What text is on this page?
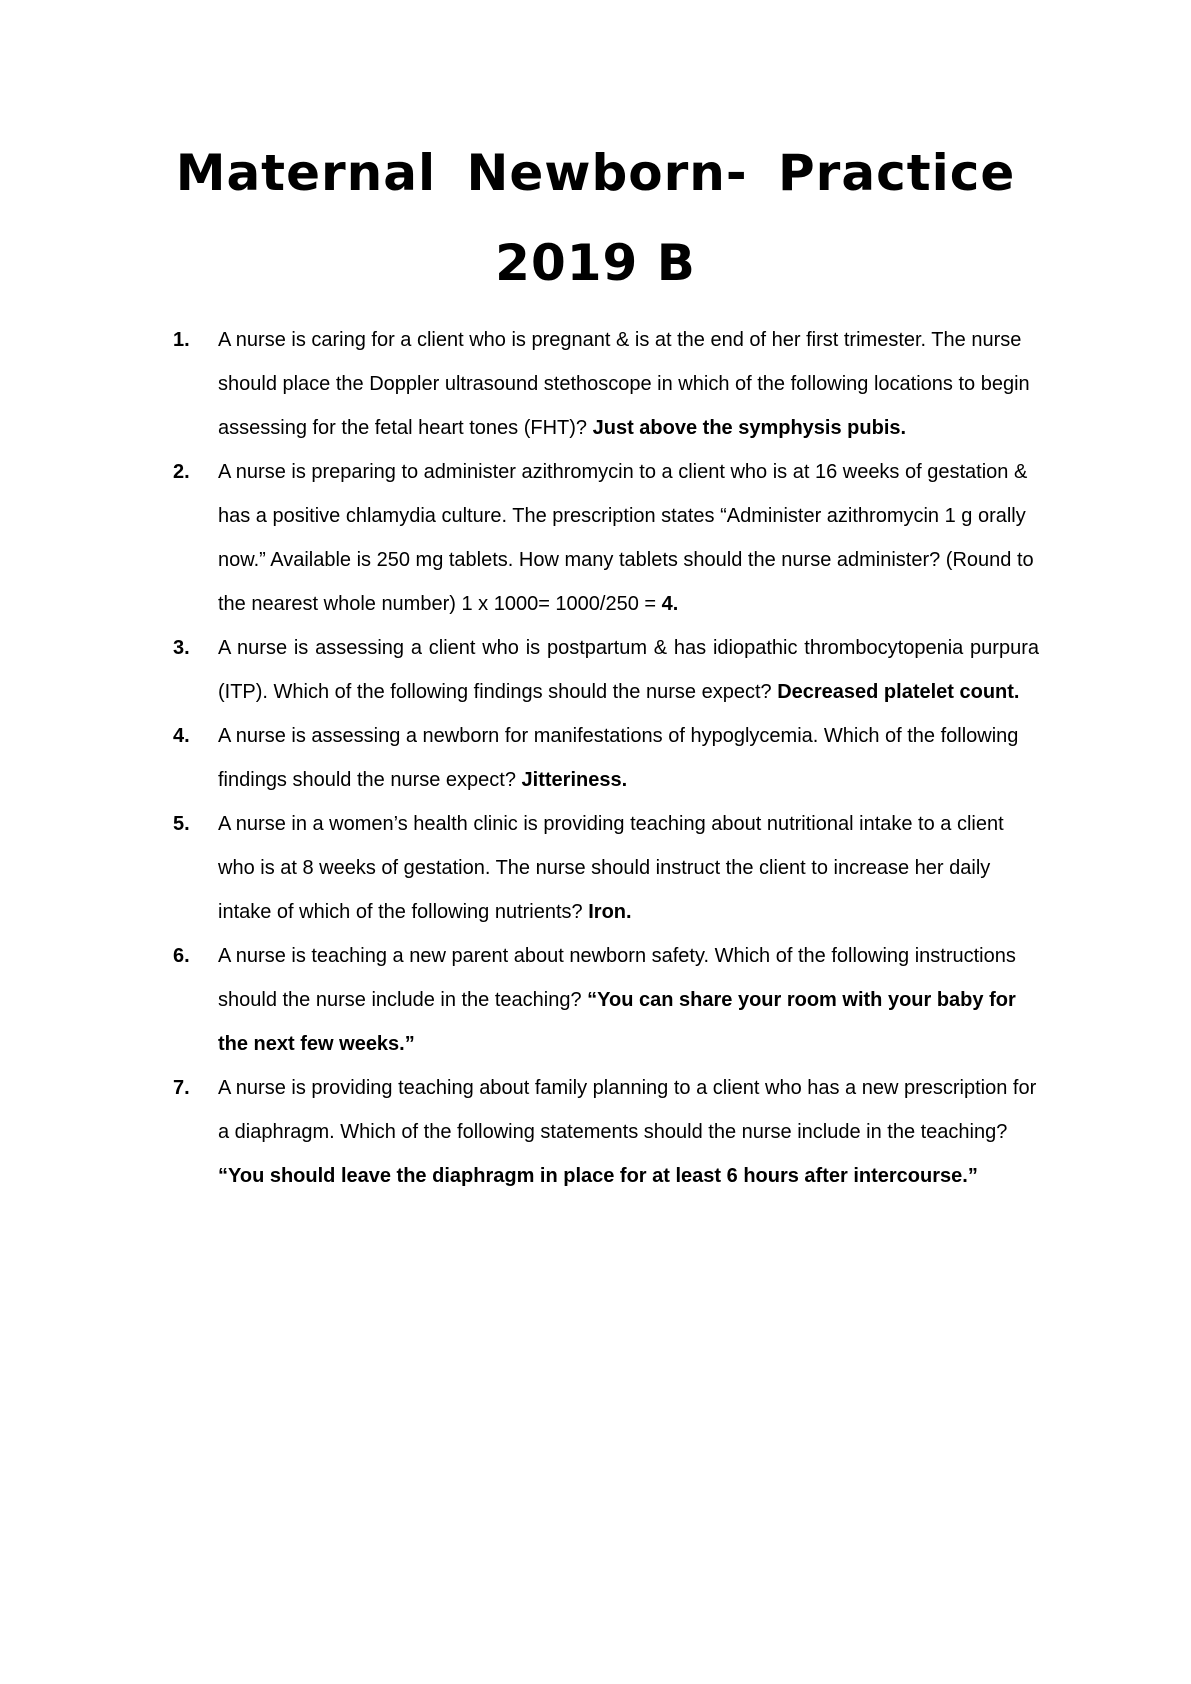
Maternal Newborn- Practice
2019 B
1. A nurse is caring for a client who is pregnant & is at the end of her first trimester. The nurse should place the Doppler ultrasound stethoscope in which of the following locations to begin assessing for the fetal heart tones (FHT)? Just above the symphysis pubis.
2. A nurse is preparing to administer azithromycin to a client who is at 16 weeks of gestation & has a positive chlamydia culture. The prescription states “Administer azithromycin 1 g orally now.” Available is 250 mg tablets. How many tablets should the nurse administer? (Round to the nearest whole number) 1 x 1000= 1000/250 = 4.
3. A nurse is assessing a client who is postpartum & has idiopathic thrombocytopenia purpura (ITP). Which of the following findings should the nurse expect? Decreased platelet count.
4. A nurse is assessing a newborn for manifestations of hypoglycemia. Which of the following findings should the nurse expect? Jitteriness.
5. A nurse in a women’s health clinic is providing teaching about nutritional intake to a client who is at 8 weeks of gestation. The nurse should instruct the client to increase her daily intake of which of the following nutrients? Iron.
6. A nurse is teaching a new parent about newborn safety. Which of the following instructions should the nurse include in the teaching? “You can share your room with your baby for the next few weeks.”
7. A nurse is providing teaching about family planning to a client who has a new prescription for a diaphragm. Which of the following statements should the nurse include in the teaching? “You should leave the diaphragm in place for at least 6 hours after intercourse.”
